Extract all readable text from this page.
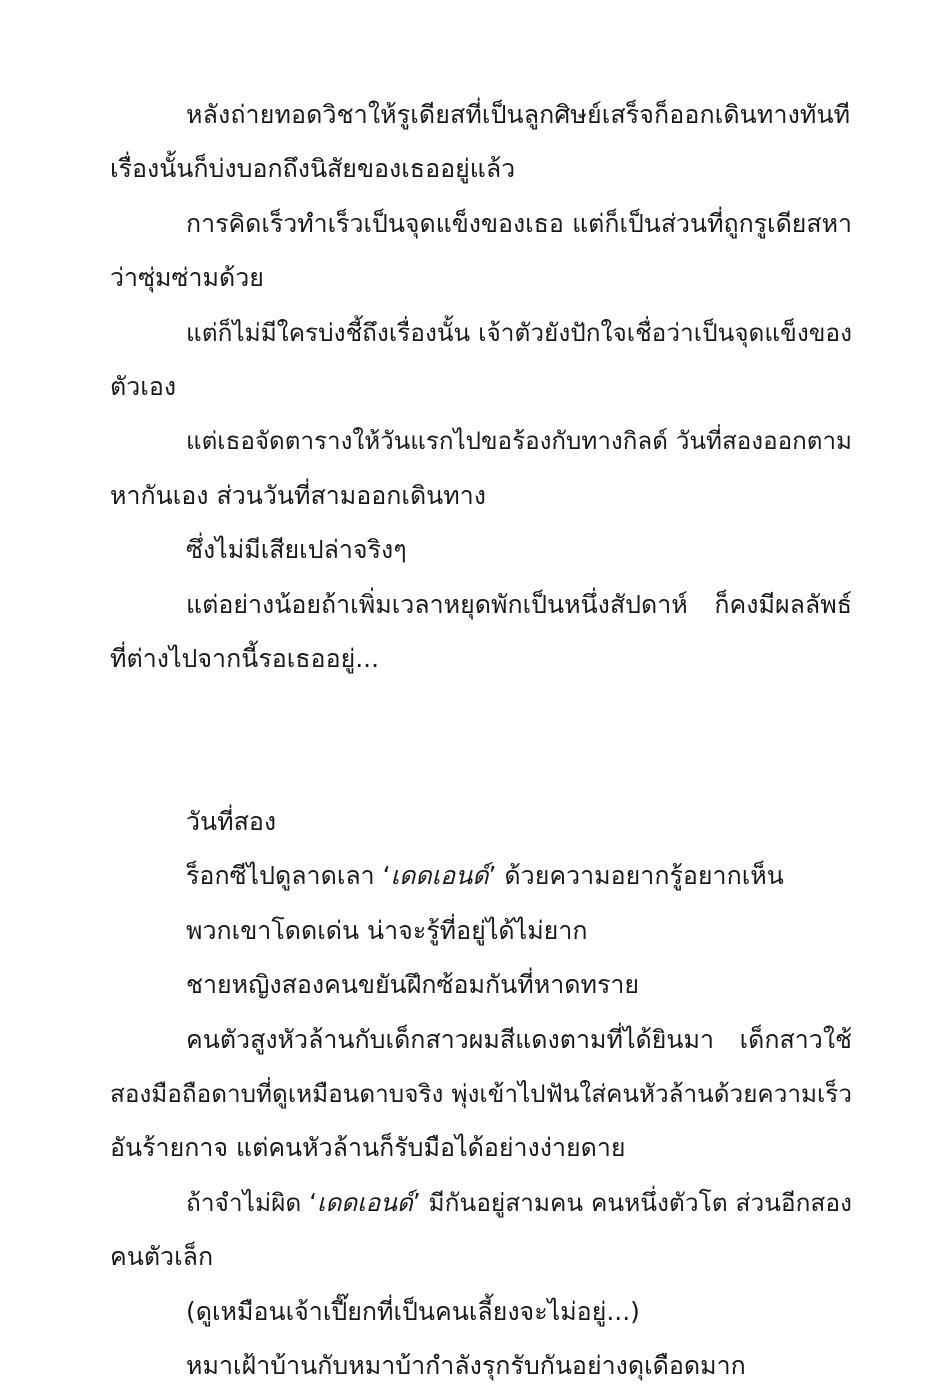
หลังถ่ายทอดวิชาให้รูเดียสที่เป็นลูกศิษย์เสร็จก็ออกเดินทางทันที
เรื่องนั้นก็บ่งบอกถึงนิสัยของเธออยู่แล้ว
การคิดเร็วทำเร็วเป็นจุดแข็งของเธอ แต่ก็เป็นส่วนที่ถูกรูเดียสหา
ว่าซุ่มซ่ามด้วย
แต่ก็ไม่มีใครบ่งชี้ถึงเรื่องนั้น เจ้าตัวยังปักใจเชื่อว่าเป็นจุดแข็งของ
ตัวเอง
แต่เธอจัดตารางให้วันแรกไปขอร้องกับทางกิลด์ วันที่สองออกตาม
หากันเอง ส่วนวันที่สามออกเดินทาง
ซึ่งไม่มีเสียเปล่าจริงๆ
แต่อย่างน้อยถ้าเพิ่มเวลาหยุดพักเป็นหนึ่งสัปดาห์ ก็คงมีผลลัพธ์
ที่ต่างไปจากนี้รอเธออยู่...
วันที่สอง
ร็อกซีไปดูลาดเลา ‘เดดเอนด์’ ด้วยความอยากรู้อยากเห็น
พวกเขาโดดเด่น น่าจะรู้ที่อยู่ได้ไม่ยาก
ชายหญิงสองคนขยันฝึกซ้อมกันที่หาดทราย
คนตัวสูงหัวล้านกับเด็กสาวผมสีแดงตามที่ได้ยินมา เด็กสาวใช้
สองมือถือดาบที่ดูเหมือนดาบจริง พุ่งเข้าไปฟันใส่คนหัวล้านด้วยความเร็ว
อันร้ายกาจ แต่คนหัวล้านก็รับมือได้อย่างง่ายดาย
ถ้าจำไม่ผิด ‘เดดเอนด์’ มีกันอยู่สามคน คนหนึ่งตัวโต ส่วนอีกสอง
คนตัวเล็ก
(ดูเหมือนเจ้าเปี๊ยกที่เป็นคนเลี้ยงจะไม่อยู่...)
หมาเฝ้าบ้านกับหมาบ้ากำลังรุกรับกันอย่างดุเดือดมาก
